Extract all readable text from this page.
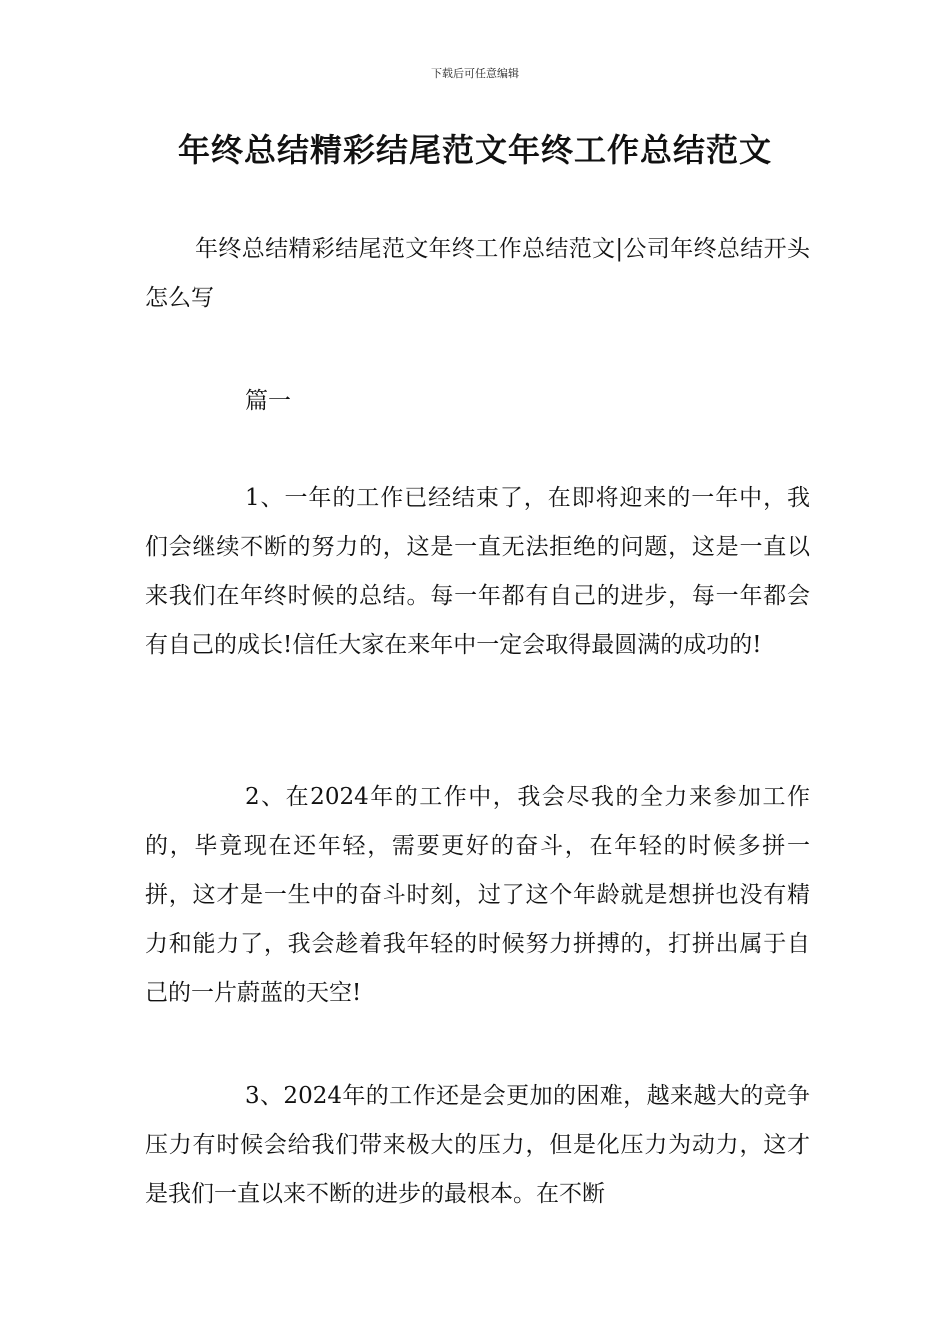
下载后可任意编辑
年终总结精彩结尾范文年终工作总结范文

年终总结精彩结尾范文年终工作总结范文|公司年终总结开头怎么写

篇一

1、一年的工作已经结束了，在即将迎来的一年中，我们会继续不断的努力的，这是一直无法拒绝的问题，这是一直以来我们在年终时候的总结。每一年都有自己的进步，每一年都会有自己的成长!信任大家在来年中一定会取得最圆满的成功的!

2、在2024年的工作中，我会尽我的全力来参加工作的，毕竟现在还年轻，需要更好的奋斗，在年轻的时候多拼一拼，这才是一生中的奋斗时刻，过了这个年龄就是想拼也没有精力和能力了，我会趁着我年轻的时候努力拼搏的，打拼出属于自己的一片蔚蓝的天空!

3、2024年的工作还是会更加的困难，越来越大的竞争压力有时候会给我们带来极大的压力，但是化压力为动力，这才是我们一直以来不断的进步的最根本。在不断
